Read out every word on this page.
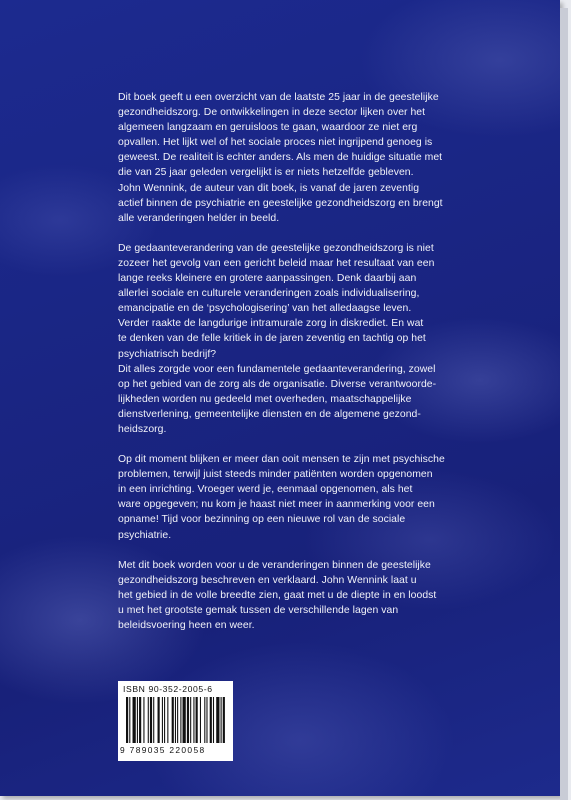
Dit boek geeft u een overzicht van de laatste 25 jaar in de geestelijke
gezondheidszorg. De ontwikkelingen in deze sector lijken over het
algemeen langzaam en geruisloos te gaan, waardoor ze niet erg
opvallen. Het lijkt wel of het sociale proces niet ingrijpend genoeg is
geweest. De realiteit is echter anders. Als men de huidige situatie met
die van 25 jaar geleden vergelijkt is er niets hetzelfde gebleven.
John Wennink, de auteur van dit boek, is vanaf de jaren zeventig
actief binnen de psychiatrie en geestelijke gezondheidszorg en brengt
alle veranderingen helder in beeld.

De gedaanteverandering van de geestelijke gezondheidszorg is niet
zozeer het gevolg van een gericht beleid maar het resultaat van een
lange reeks kleinere en grotere aanpassingen. Denk daarbij aan
allerlei sociale en culturele veranderingen zoals individualisering,
emancipatie en de ‘psychologisering’ van het alledaagse leven.
Verder raakte de langdurige intramurale zorg in diskrediet. En wat
te denken van de felle kritiek in de jaren zeventig en tachtig op het
psychiatrisch bedrijf?
Dit alles zorgde voor een fundamentele gedaanteverandering, zowel
op het gebied van de zorg als de organisatie. Diverse verantwoorde-
lijkheden worden nu gedeeld met overheden, maatschappelijke
dienstverlening, gemeentelijke diensten en de algemene gezond-
heidszorg.

Op dit moment blijken er meer dan ooit mensen te zijn met psychische
problemen, terwijl juist steeds minder patiënten worden opgenomen
in een inrichting. Vroeger werd je, eenmaal opgenomen, als het
ware opgegeven; nu kom je haast niet meer in aanmerking voor een
opname! Tijd voor bezinning op een nieuwe rol van de sociale
psychiatrie.

Met dit boek worden voor u de veranderingen binnen de geestelijke
gezondheidszorg beschreven en verklaard. John Wennink laat u
het gebied in de volle breedte zien, gaat met u de diepte in en loodst
u met het grootste gemak tussen de verschillende lagen van
beleidsvoering heen en weer.

ISBN 90-352-2005-6
9 789035 220058
